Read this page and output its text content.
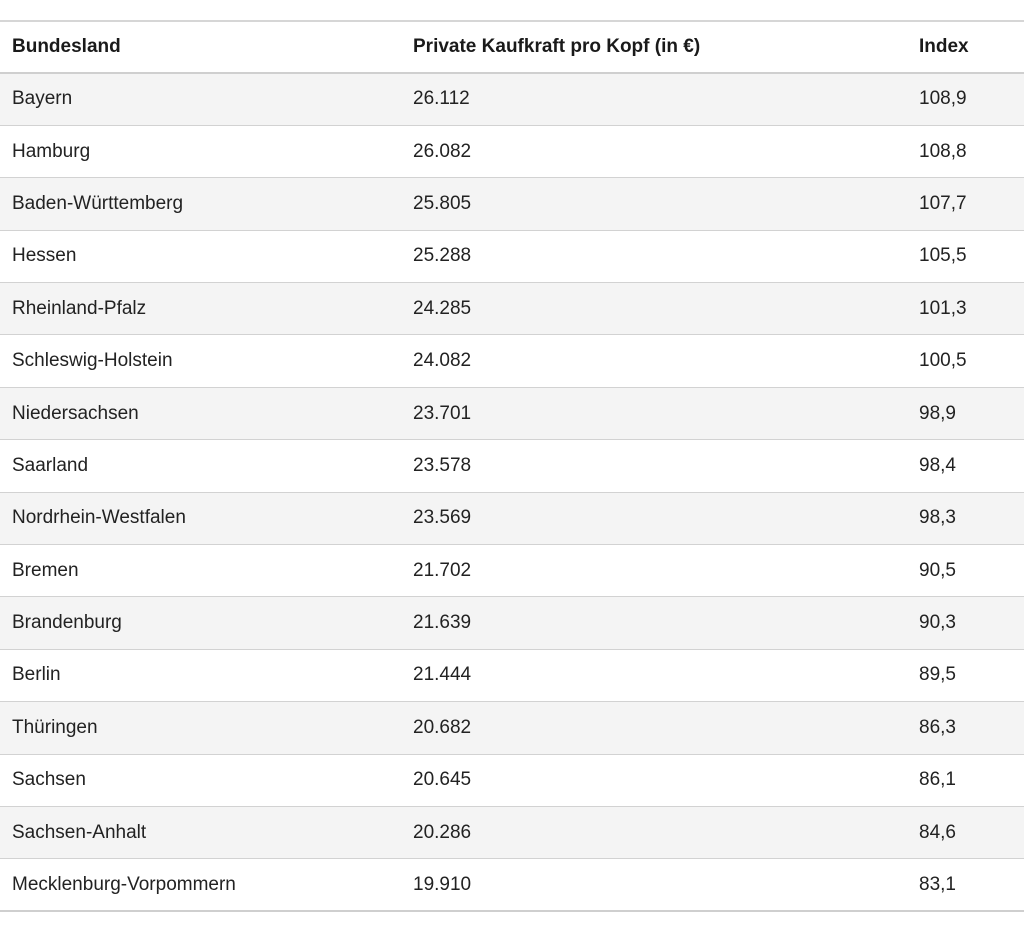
Bundesland	Private Kaufkraft pro Kopf (in €)	Index
Bayern	26.112	108,9
Hamburg	26.082	108,8
Baden-Württemberg	25.805	107,7
Hessen	25.288	105,5
Rheinland-Pfalz	24.285	101,3
Schleswig-Holstein	24.082	100,5
Niedersachsen	23.701	98,9
Saarland	23.578	98,4
Nordrhein-Westfalen	23.569	98,3
Bremen	21.702	90,5
Brandenburg	21.639	90,3
Berlin	21.444	89,5
Thüringen	20.682	86,3
Sachsen	20.645	86,1
Sachsen-Anhalt	20.286	84,6
Mecklenburg-Vorpommern	19.910	83,1
